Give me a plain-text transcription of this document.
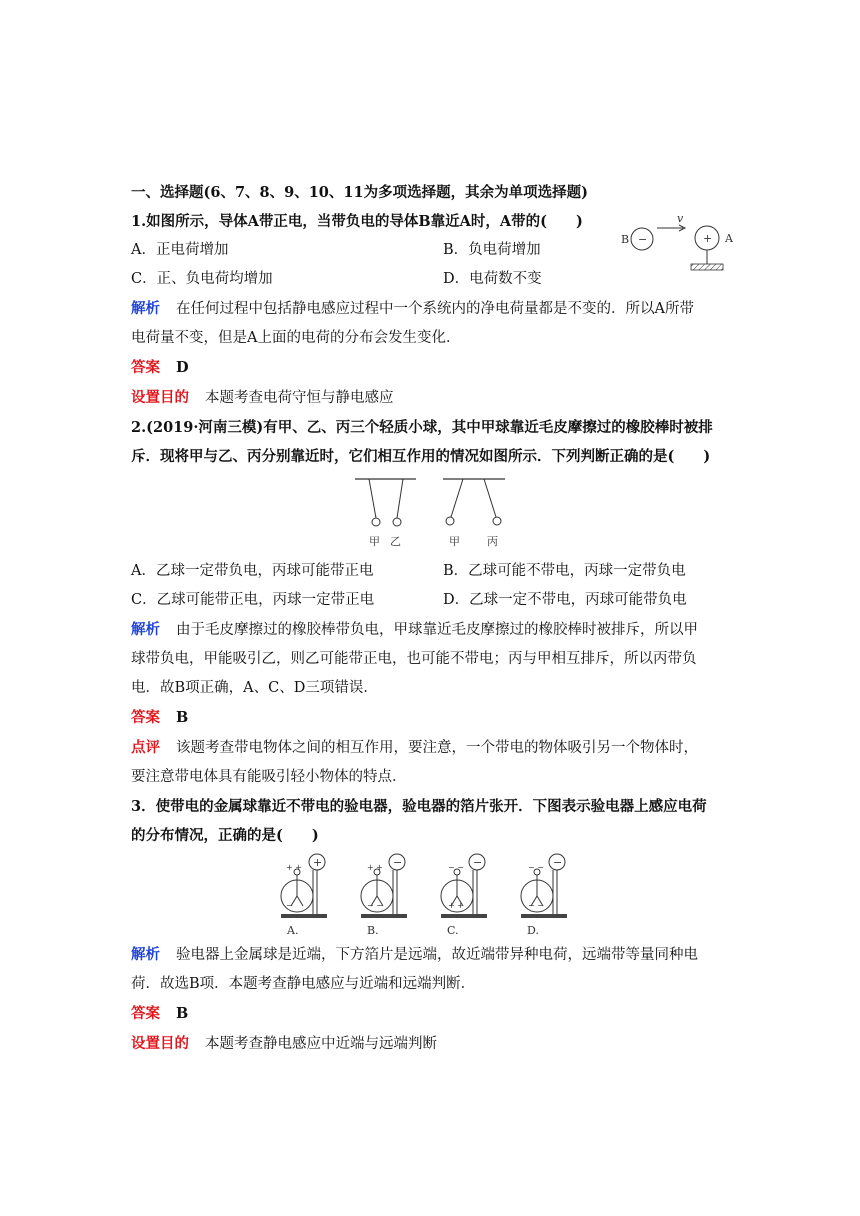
B −
v
+ A
一、选择题(6、7、8、9、10、11为多项选择题，其余为单项选择题)
1.如图所示，导体A带正电，当带负电的导体B靠近A时，A带的(　　)
A．正电荷增加	B．负电荷增加
C．正、负电荷均增加	D．电荷数不变
解析 在任何过程中包括静电感应过程中一个系统内的净电荷量都是不变的．所以A所带
电荷量不变，但是A上面的电荷的分布会发生变化．
答案 D
设置目的 本题考查电荷守恒与静电感应
2.(2019·河南三模)有甲、乙、丙三个轻质小球，其中甲球靠近毛皮摩擦过的橡胶棒时被排
斥．现将甲与乙、丙分别靠近时，它们相互作用的情况如图所示．下列判断正确的是(　　)
甲 乙	甲 丙
A．乙球一定带负电，丙球可能带正电	B．乙球可能不带电，丙球一定带负电
C．乙球可能带正电，丙球一定带正电	D．乙球一定不带电，丙球可能带负电
解析 由于毛皮摩擦过的橡胶棒带负电，甲球靠近毛皮摩擦过的橡胶棒时被排斥，所以甲
球带负电，甲能吸引乙，则乙可能带正电，也可能不带电；丙与甲相互排斥，所以丙带负
电．故B项正确，A、C、D三项错误．
答案 B
点评 该题考查带电物体之间的相互作用，要注意，一个带电的物体吸引另一个物体时，
要注意带电体具有能吸引轻小物体的特点．
3．使带电的金属球靠近不带电的验电器，验电器的箔片张开．下图表示验电器上感应电荷
的分布情况，正确的是(　　)
+
+ +
−
A.
−
+ +
− −
B.
−
− −
+ +
C.
−
− −
− −
D.
解析 验电器上金属球是近端，下方箔片是远端，故近端带异种电荷，远端带等量同种电
荷．故选B项．本题考查静电感应与近端和远端判断．
答案 B
设置目的 本题考查静电感应中近端与远端判断
